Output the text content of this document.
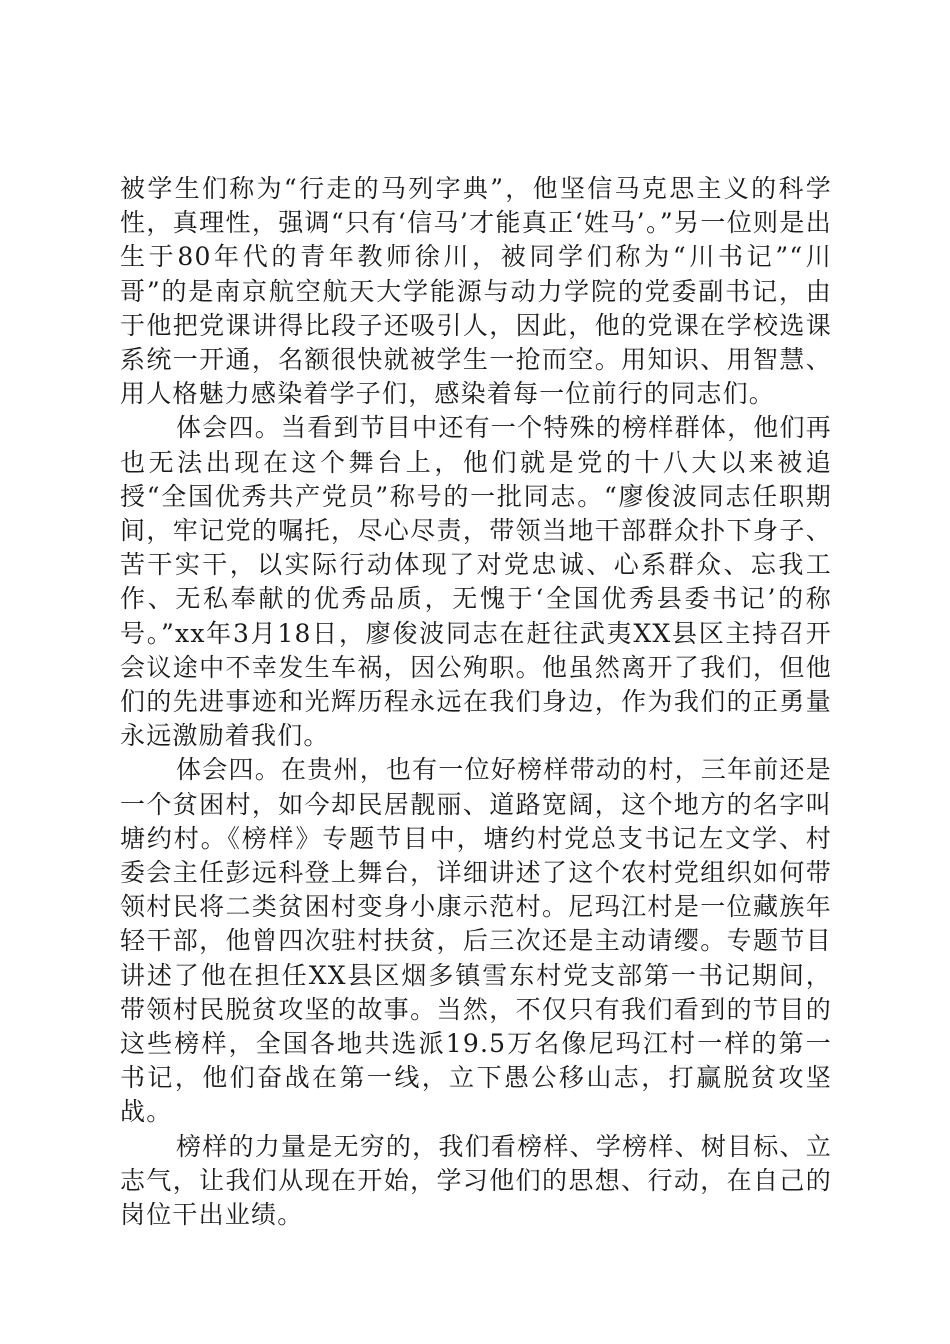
被学生们称为“行走的马列字典”，他坚信马克思主义的科学性，真理性，强调“只有‘信马’才能真正‘姓马’。”另一位则是出生于80年代的青年教师徐川，被同学们称为“川书记”“川哥”的是南京航空航天大学能源与动力学院的党委副书记，由于他把党课讲得比段子还吸引人，因此，他的党课在学校选课系统一开通，名额很快就被学生一抢而空。用知识、用智慧、用人格魅力感染着学子们，感染着每一位前行的同志们。

体会四。当看到节目中还有一个特殊的榜样群体，他们再也无法出现在这个舞台上，他们就是党的十八大以来被追授“全国优秀共产党员”称号的一批同志。“廖俊波同志任职期间，牢记党的嘱托，尽心尽责，带领当地干部群众扑下身子、苦干实干，以实际行动体现了对党忠诚、心系群众、忘我工作、无私奉献的优秀品质，无愧于‘全国优秀县委书记’的称号。”xx年3月18日，廖俊波同志在赶往武夷XX县区主持召开会议途中不幸发生车祸，因公殉职。他虽然离开了我们，但他们的先进事迹和光辉历程永远在我们身边，作为我们的正勇量永远激励着我们。

体会四。在贵州，也有一位好榜样带动的村，三年前还是一个贫困村，如今却民居靓丽、道路宽阔，这个地方的名字叫塘约村。《榜样》专题节目中，塘约村党总支书记左文学、村委会主任彭远科登上舞台，详细讲述了这个农村党组织如何带领村民将二类贫困村变身小康示范村。尼玛江村是一位藏族年轻干部，他曾四次驻村扶贫，后三次还是主动请缨。专题节目讲述了他在担任XX县区烟多镇雪东村党支部第一书记期间，带领村民脱贫攻坚的故事。当然，不仅只有我们看到的节目的这些榜样，全国各地共选派19.5万名像尼玛江村一样的第一书记，他们奋战在第一线，立下愚公移山志，打赢脱贫攻坚战。

榜样的力量是无穷的，我们看榜样、学榜样、树目标、立志气，让我们从现在开始，学习他们的思想、行动，在自己的岗位干出业绩。
